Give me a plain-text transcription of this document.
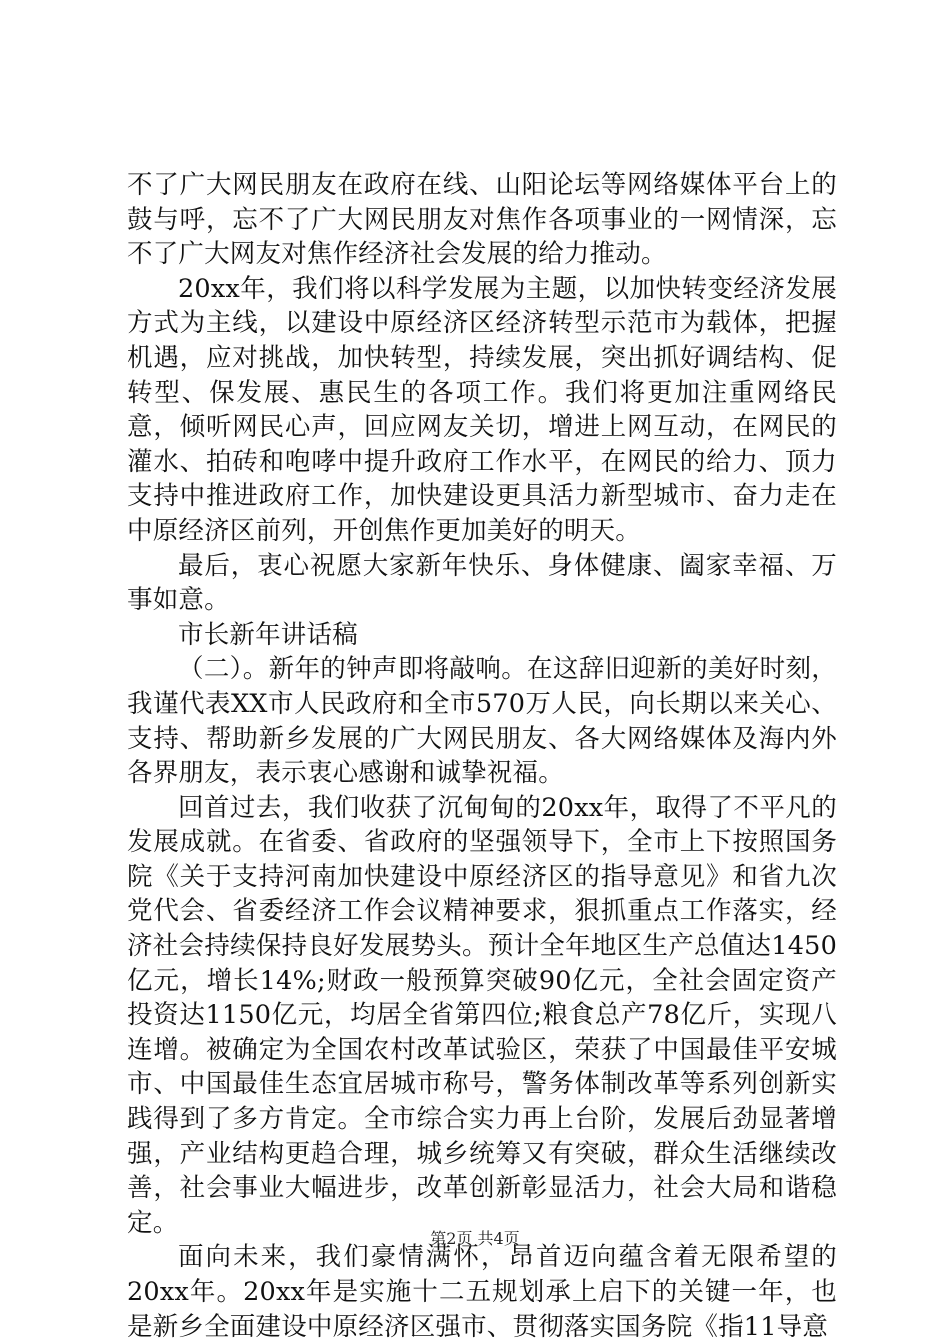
不了广大网民朋友在政府在线、山阳论坛等网络媒体平台上的鼓与呼，忘不了广大网民朋友对焦作各项事业的一网情深，忘不了广大网友对焦作经济社会发展的给力推动。

20xx年，我们将以科学发展为主题，以加快转变经济发展方式为主线，以建设中原经济区经济转型示范市为载体，把握机遇，应对挑战，加快转型，持续发展，突出抓好调结构、促转型、保发展、惠民生的各项工作。我们将更加注重网络民意，倾听网民心声，回应网友关切，增进上网互动，在网民的灌水、拍砖和咆哮中提升政府工作水平，在网民的给力、顶力支持中推进政府工作，加快建设更具活力新型城市、奋力走在中原经济区前列，开创焦作更加美好的明天。

最后，衷心祝愿大家新年快乐、身体健康、阖家幸福、万事如意。

市长新年讲话稿

（二）。新年的钟声即将敲响。在这辞旧迎新的美好时刻，我谨代表XX市人民政府和全市570万人民，向长期以来关心、支持、帮助新乡发展的广大网民朋友、各大网络媒体及海内外各界朋友，表示衷心感谢和诚挚祝福。

回首过去，我们收获了沉甸甸的20xx年，取得了不平凡的发展成就。在省委、省政府的坚强领导下，全市上下按照国务院《关于支持河南加快建设中原经济区的指导意见》和省九次党代会、省委经济工作会议精神要求，狠抓重点工作落实，经济社会持续保持良好发展势头。预计全年地区生产总值达1450亿元，增长14%;财政一般预算突破90亿元，全社会固定资产投资达1150亿元，均居全省第四位;粮食总产78亿斤，实现八连增。被确定为全国农村改革试验区，荣获了中国最佳平安城市、中国最佳生态宜居城市称号，警务体制改革等系列创新实践得到了多方肯定。全市综合实力再上台阶，发展后劲显著增强，产业结构更趋合理，城乡统筹又有突破，群众生活继续改善，社会事业大幅进步，改革创新彰显活力，社会大局和谐稳定。

面向未来，我们豪情满怀，昂首迈向蕴含着无限希望的20xx年。20xx年是实施十二五规划承上启下的关键一年，也是新乡全面建设中原经济区强市、贯彻落实国务院《指11导意

第2页 共4页
